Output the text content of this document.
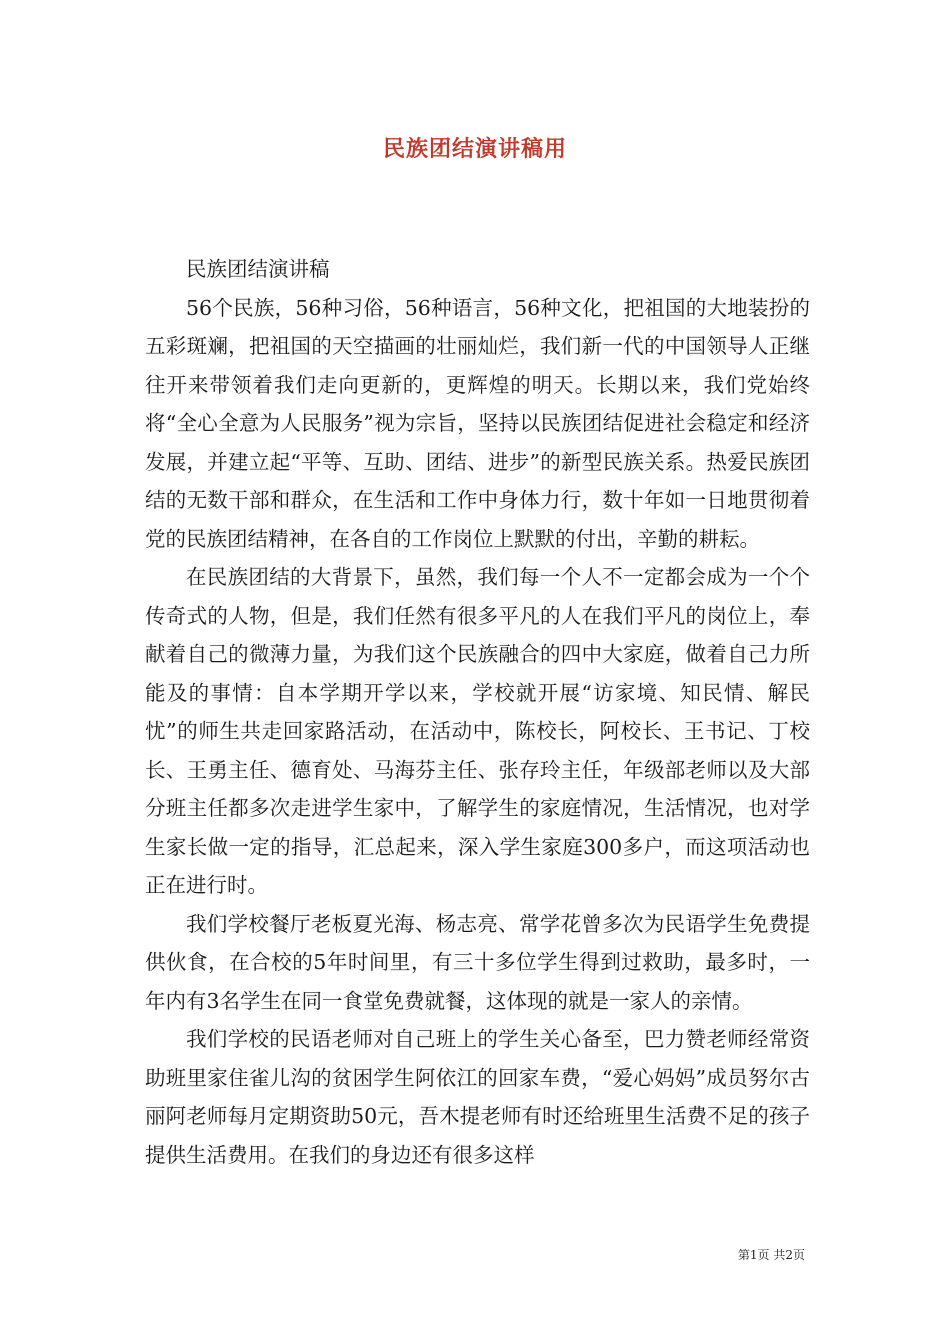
民族团结演讲稿用

民族团结演讲稿

56个民族，56种习俗，56种语言，56种文化，把祖国的大地装扮的五彩斑斓，把祖国的天空描画的壮丽灿烂，我们新一代的中国领导人正继往开来带领着我们走向更新的，更辉煌的明天。长期以来，我们党始终将“全心全意为人民服务”视为宗旨，坚持以民族团结促进社会稳定和经济发展，并建立起“平等、互助、团结、进步”的新型民族关系。热爱民族团结的无数干部和群众，在生活和工作中身体力行，数十年如一日地贯彻着党的民族团结精神，在各自的工作岗位上默默的付出，辛勤的耕耘。

在民族团结的大背景下，虽然，我们每一个人不一定都会成为一个个传奇式的人物，但是，我们任然有很多平凡的人在我们平凡的岗位上，奉献着自己的微薄力量，为我们这个民族融合的四中大家庭，做着自己力所能及的事情：自本学期开学以来，学校就开展“访家境、知民情、解民忧”的师生共走回家路活动，在活动中，陈校长，阿校长、王书记、丁校长、王勇主任、德育处、马海芬主任、张存玲主任，年级部老师以及大部分班主任都多次走进学生家中，了解学生的家庭情况，生活情况，也对学生家长做一定的指导，汇总起来，深入学生家庭300多户，而这项活动也正在进行时。

我们学校餐厅老板夏光海、杨志亮、常学花曾多次为民语学生免费提供伙食，在合校的5年时间里，有三十多位学生得到过救助，最多时，一年内有3名学生在同一食堂免费就餐，这体现的就是一家人的亲情。

我们学校的民语老师对自己班上的学生关心备至，巴力赞老师经常资助班里家住雀儿沟的贫困学生阿依江的回家车费，“爱心妈妈”成员努尔古丽阿老师每月定期资助50元，吾木提老师有时还给班里生活费不足的孩子提供生活费用。在我们的身边还有很多这样

第1页 共2页
